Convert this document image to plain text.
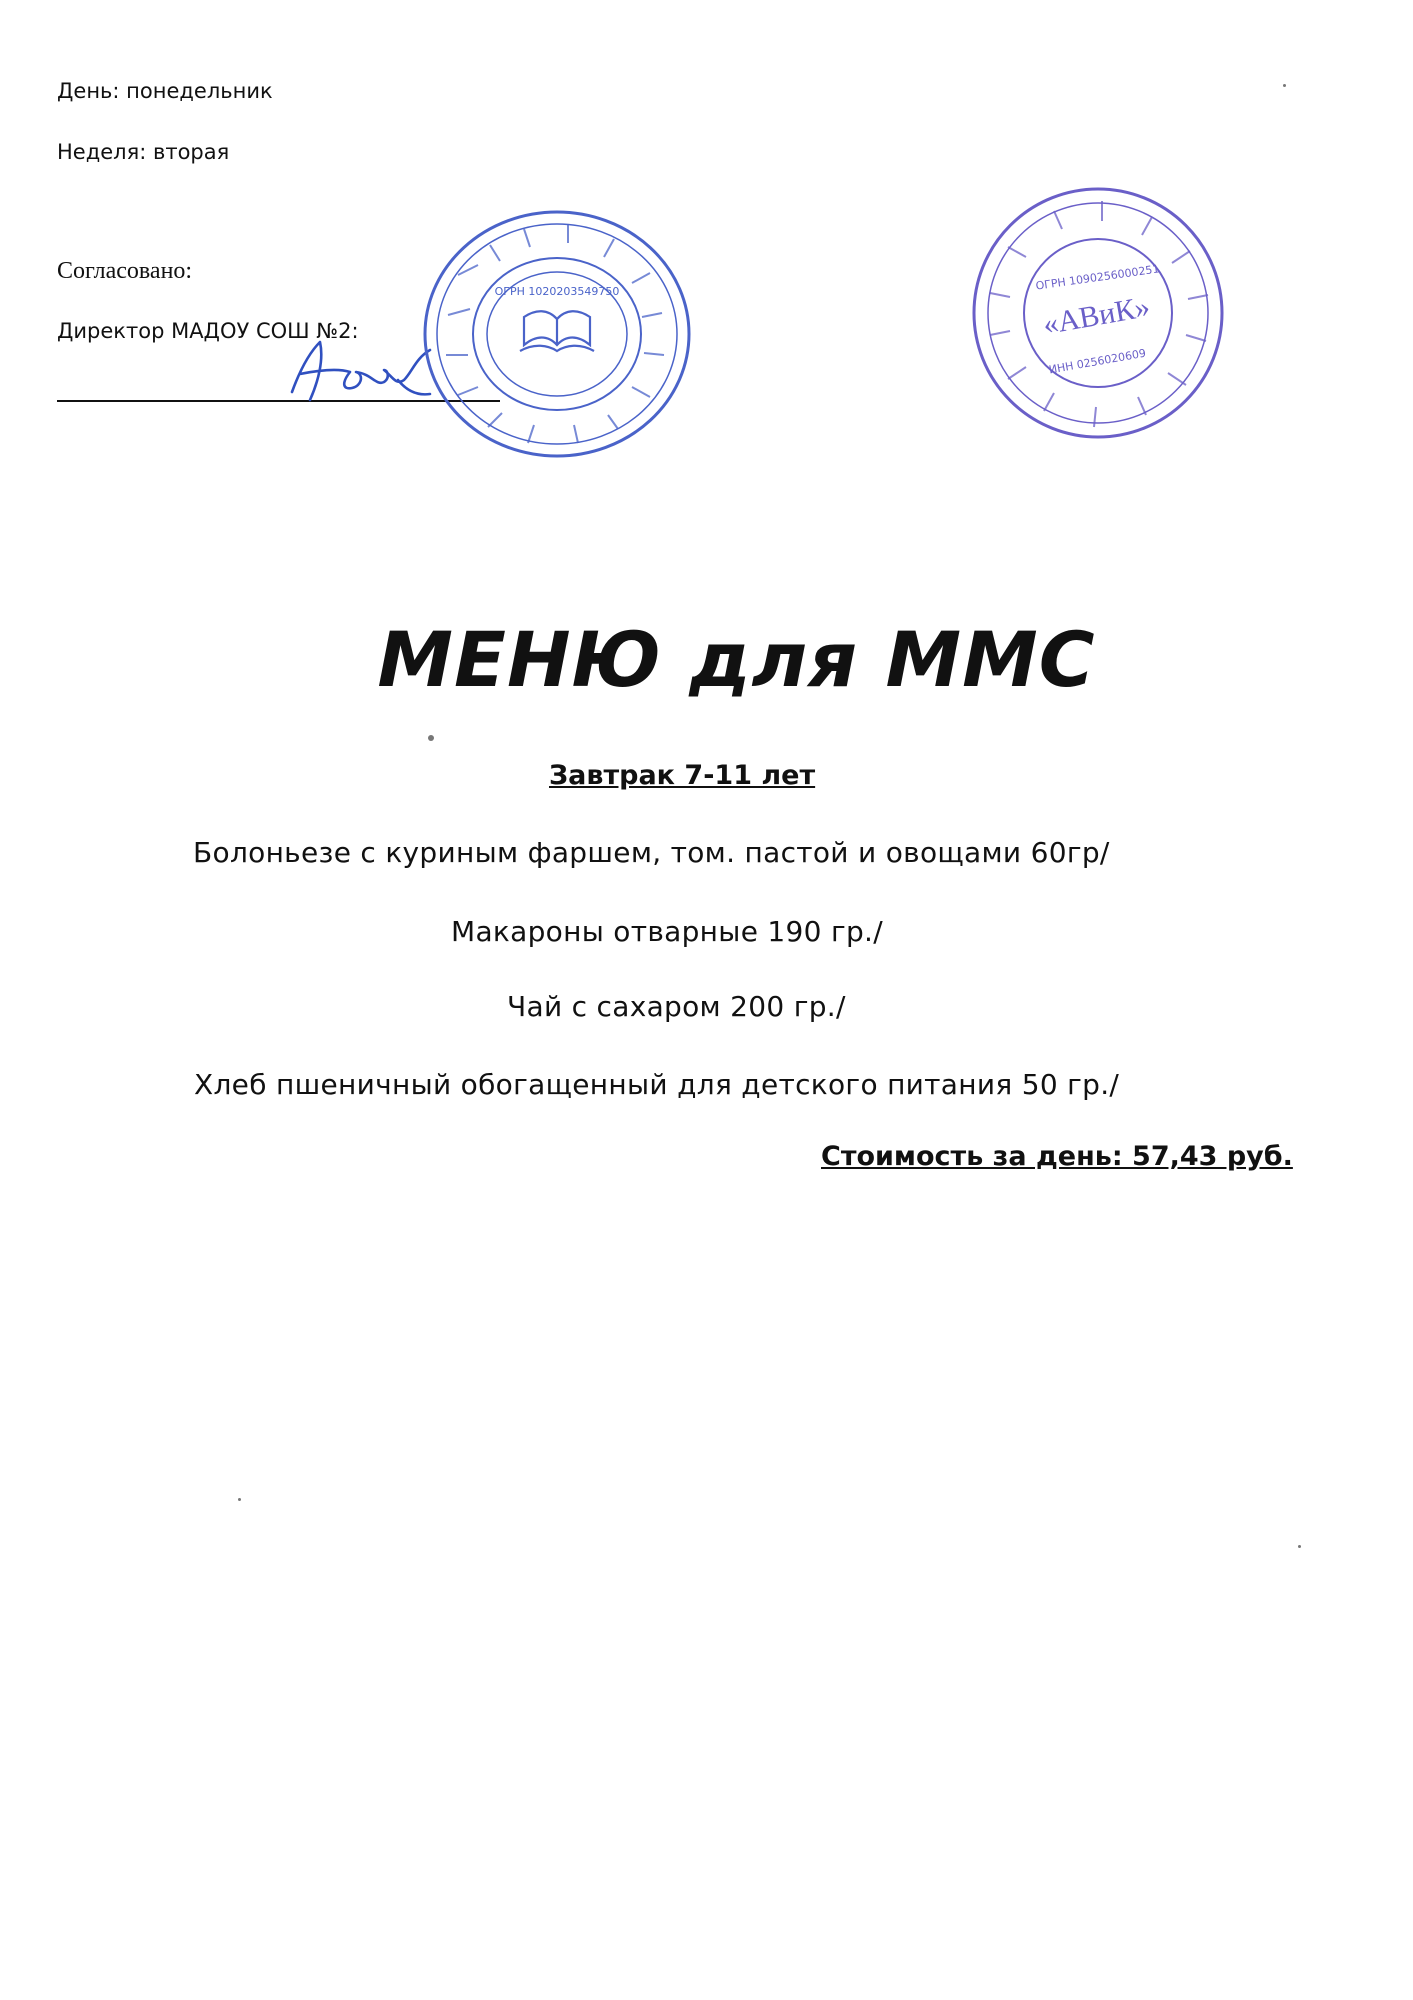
День: понедельник
Неделя: вторая
Согласовано:
Директор МАДОУ СОШ №2:
ОГРН 1020203549750	ОГРН 1090256000251
«АВиК»
ИНН 0256020609
МЕНЮ для ММС
Завтрак 7-11 лет
Болоньезе с куриным фаршем, том. пастой и овощами 60гр/
Макароны отварные 190 гр./
Чай с сахаром 200 гр./
Хлеб пшеничный обогащенный для детского питания 50 гр./
Стоимость за день: 57,43 руб.
